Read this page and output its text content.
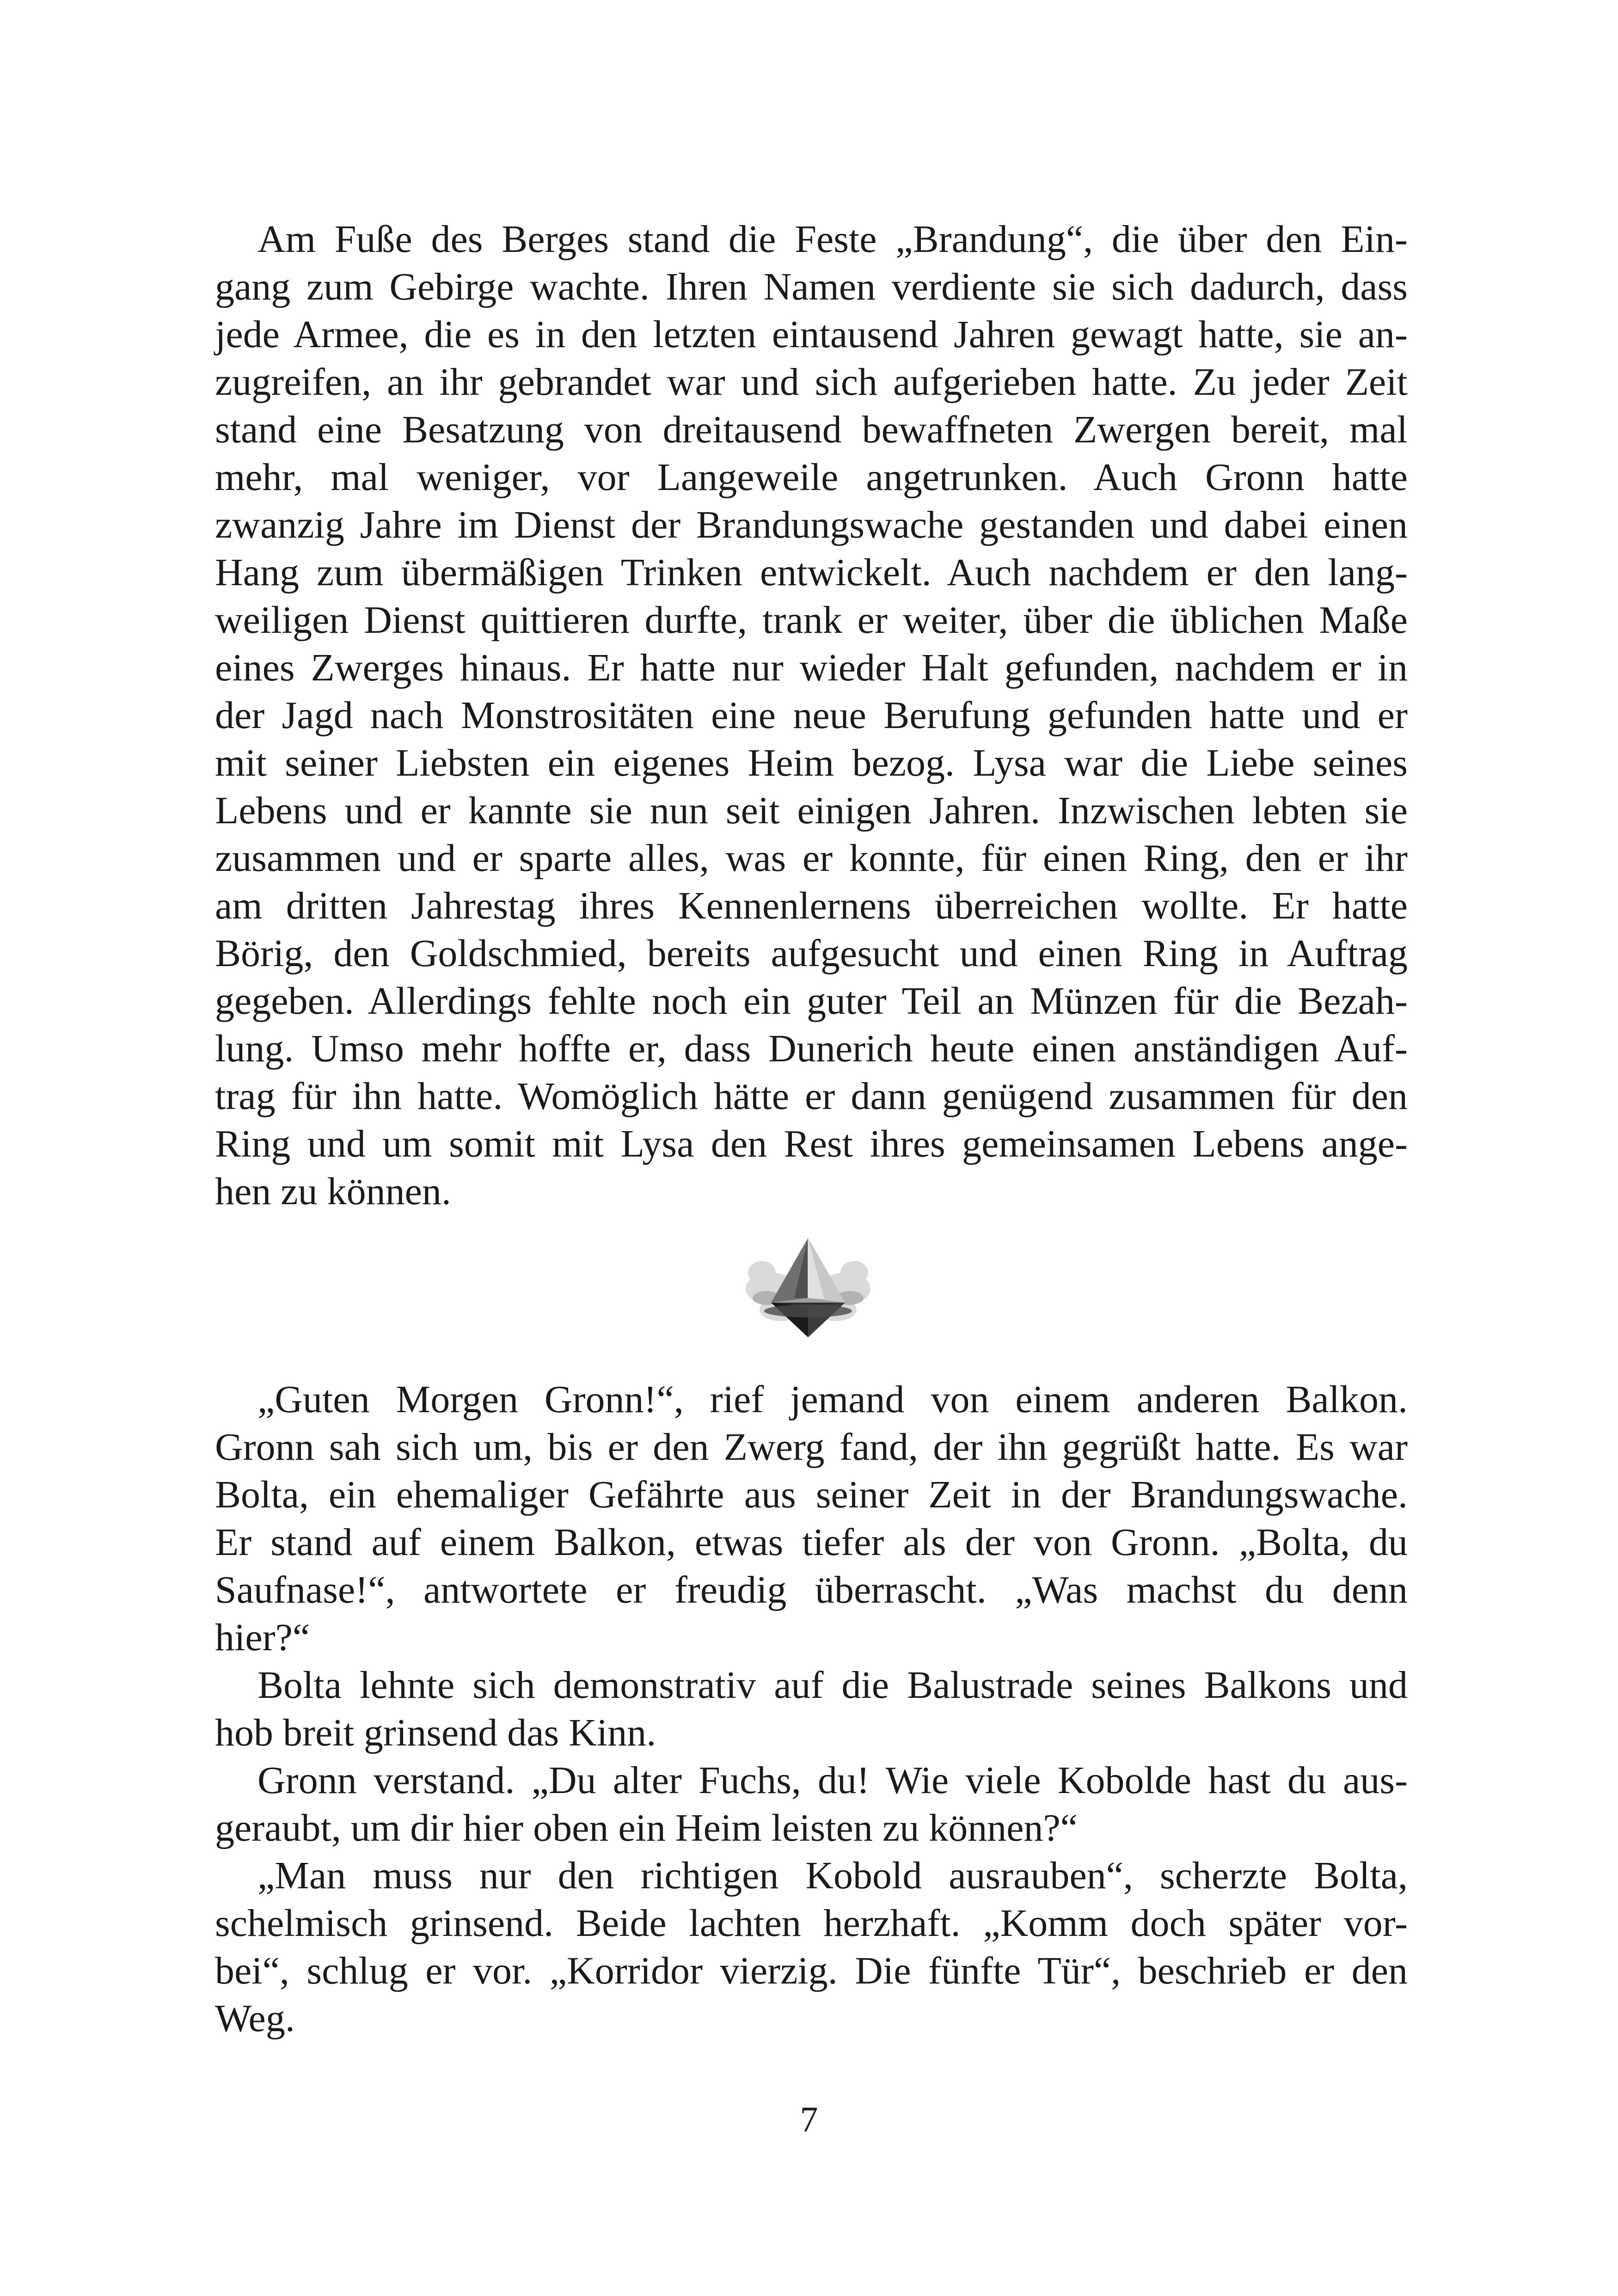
Am Fuße des Berges stand die Feste „Brandung“, die über den Ein-
gang zum Gebirge wachte. Ihren Namen verdiente sie sich dadurch, dass
jede Armee, die es in den letzten eintausend Jahren gewagt hatte, sie an-
zugreifen, an ihr gebrandet war und sich aufgerieben hatte. Zu jeder Zeit
stand eine Besatzung von dreitausend bewaffneten Zwergen bereit, mal
mehr, mal weniger, vor Langeweile angetrunken. Auch Gronn hatte
zwanzig Jahre im Dienst der Brandungswache gestanden und dabei einen
Hang zum übermäßigen Trinken entwickelt. Auch nachdem er den lang-
weiligen Dienst quittieren durfte, trank er weiter, über die üblichen Maße
eines Zwerges hinaus. Er hatte nur wieder Halt gefunden, nachdem er in
der Jagd nach Monstrositäten eine neue Berufung gefunden hatte und er
mit seiner Liebsten ein eigenes Heim bezog. Lysa war die Liebe seines
Lebens und er kannte sie nun seit einigen Jahren. Inzwischen lebten sie
zusammen und er sparte alles, was er konnte, für einen Ring, den er ihr
am dritten Jahrestag ihres Kennenlernens überreichen wollte. Er hatte
Börig, den Goldschmied, bereits aufgesucht und einen Ring in Auftrag
gegeben. Allerdings fehlte noch ein guter Teil an Münzen für die Bezah-
lung. Umso mehr hoffte er, dass Dunerich heute einen anständigen Auf-
trag für ihn hatte. Womöglich hätte er dann genügend zusammen für den
Ring und um somit mit Lysa den Rest ihres gemeinsamen Lebens ange-
hen zu können.
„Guten Morgen Gronn!“, rief jemand von einem anderen Balkon.
Gronn sah sich um, bis er den Zwerg fand, der ihn gegrüßt hatte. Es war
Bolta, ein ehemaliger Gefährte aus seiner Zeit in der Brandungswache.
Er stand auf einem Balkon, etwas tiefer als der von Gronn. „Bolta, du
Saufnase!“, antwortete er freudig überrascht. „Was machst du denn
hier?“
Bolta lehnte sich demonstrativ auf die Balustrade seines Balkons und
hob breit grinsend das Kinn.
Gronn verstand. „Du alter Fuchs, du! Wie viele Kobolde hast du aus-
geraubt, um dir hier oben ein Heim leisten zu können?“
„Man muss nur den richtigen Kobold ausrauben“, scherzte Bolta,
schelmisch grinsend. Beide lachten herzhaft. „Komm doch später vor-
bei“, schlug er vor. „Korridor vierzig. Die fünfte Tür“, beschrieb er den
Weg.
7
